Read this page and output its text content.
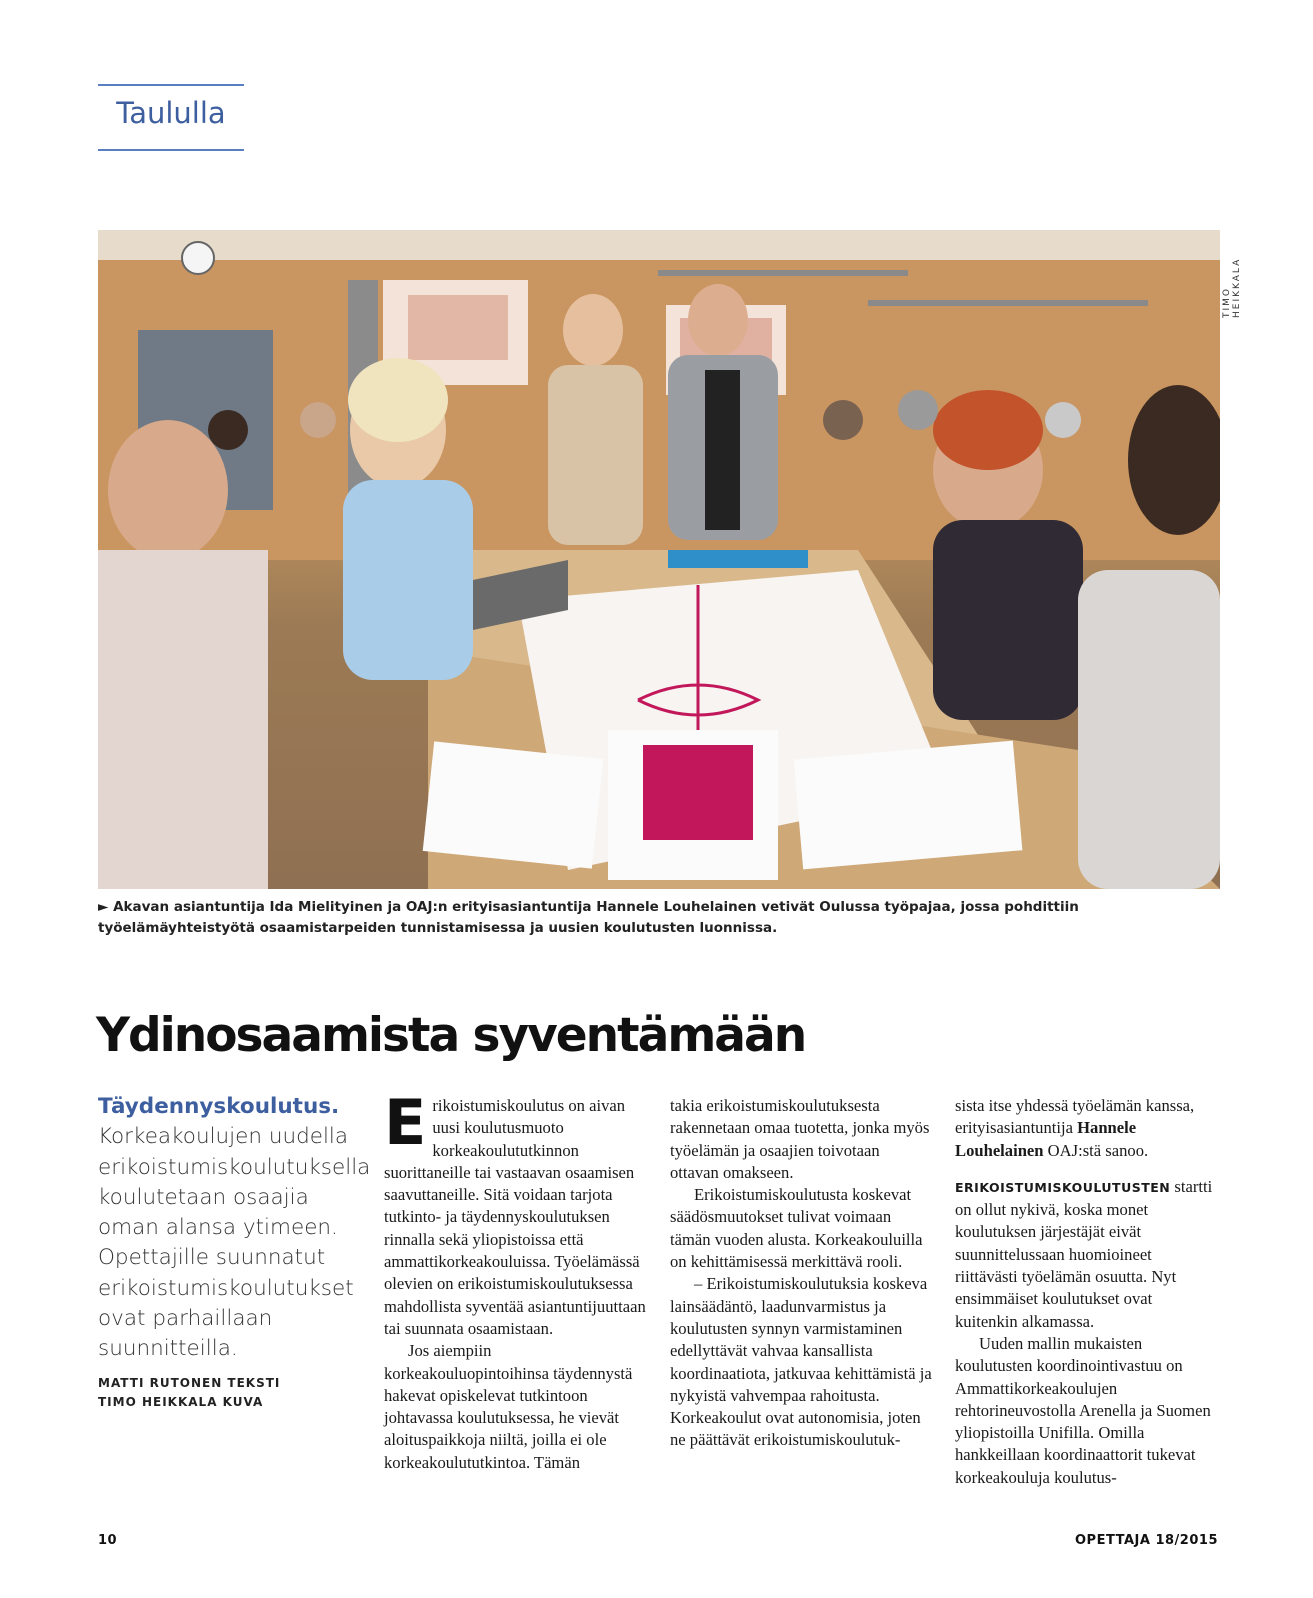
Taululla
TIMO HEIKKALA
► Akavan asiantuntija Ida Mielityinen ja OAJ:n erityisasiantuntija Hannele Louhelainen vetivät Oulussa työpajaa, jossa pohdittiin työelämäyhteistyötä osaamistarpeiden tunnistamisessa ja uusien koulutusten luonnissa.
Ydinosaamista syventämään
Täydennyskoulutus. Korkeakoulujen uudella erikoistumiskoulutuksella koulutetaan osaajia oman alansa ytimeen. Opettajille suunnatut erikoistumiskoulutukset ovat parhaillaan suunnitteilla.
MATTI RUTONEN TEKSTI
TIMO HEIKKALA KUVA

Erikoistumiskoulutus on aivan uusi koulutusmuoto korkeakoulututkinnon suorittaneille tai vastaavan osaamisen saavuttaneille. Sitä voidaan tarjota tutkinto- ja täydennyskoulutuksen rinnalla sekä yliopistoissa että ammattikorkeakouluissa. Työelämässä olevien on erikoistumiskoulutuksessa mahdollista syventää asiantuntijuuttaan tai suunnata osaamistaan.

Jos aiempiin korkeakouluopintoihinsa täydennystä hakevat opiskelevat tutkintoon johtavassa koulutuksessa, he vievät aloituspaikkoja niiltä, joilla ei ole korkeakoulututkintoa. Tämän

takia erikoistumiskoulutuksesta rakennetaan omaa tuotetta, jonka myös työelämän ja osaajien toivotaan ottavan omakseen.

Erikoistumiskoulutusta koskevat säädösmuutokset tulivat voimaan tämän vuoden alusta. Korkeakouluilla on kehittämisessä merkittävä rooli.

– Erikoistumiskoulutuksia koskeva lainsäädäntö, laadunvarmistus ja koulutusten synnyn varmistaminen edellyttävät vahvaa kansallista koordinaatiota, jatkuvaa kehittämistä ja nykyistä vahvempaa rahoitusta. Korkeakoulut ovat autonomisia, joten ne päättävät erikoistumiskoulutuk-

sista itse yhdessä työelämän kanssa, erityisasiantuntija Hannele Louhelainen OAJ:stä sanoo.

ERIKOISTUMISKOULUTUSTEN startti on ollut nykivä, koska monet koulutuksen järjestäjät eivät suunnittelussaan huomioineet riittävästi työelämän osuutta. Nyt ensimmäiset koulutukset ovat kuitenkin alkamassa.

Uuden mallin mukaisten koulutusten koordinointivastuu on Ammattikorkeakoulujen rehtorineuvostolla Arenella ja Suomen yliopistoilla Unifilla. Omilla hankkeillaan koordinaattorit tukevat korkeakouluja koulutus-

10	OPETTAJA 18/2015
